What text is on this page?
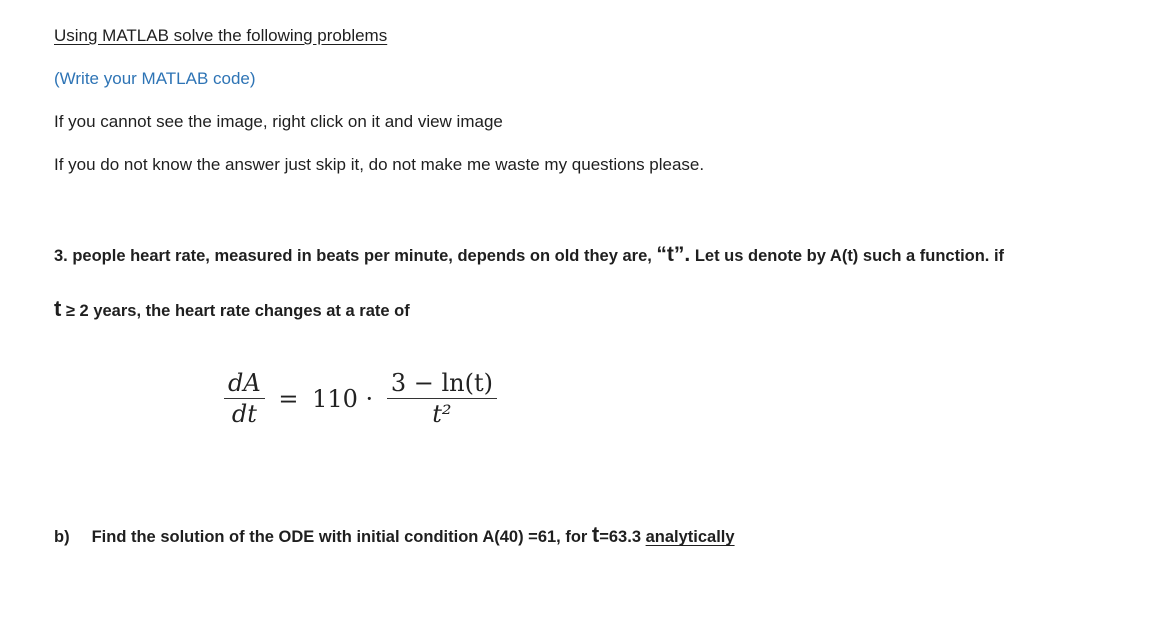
Using MATLAB solve the following problems
(Write your MATLAB code)
If you cannot see the image, right click on it and view image
If you do not know the answer just skip it, do not make me waste my questions please.
3. people heart rate, measured in beats per minute, depends on old they are, “t”. Let us denote by A(t) such a function. if
t ≥ 2 years, the heart rate changes at a rate of
$\frac{dA}{dt} = 110 \cdot \frac{3 - \ln(t)}{\text{t²}}$
b) Find the solution of the ODE with initial condition A(40) =61, for t=63.3 analytically
